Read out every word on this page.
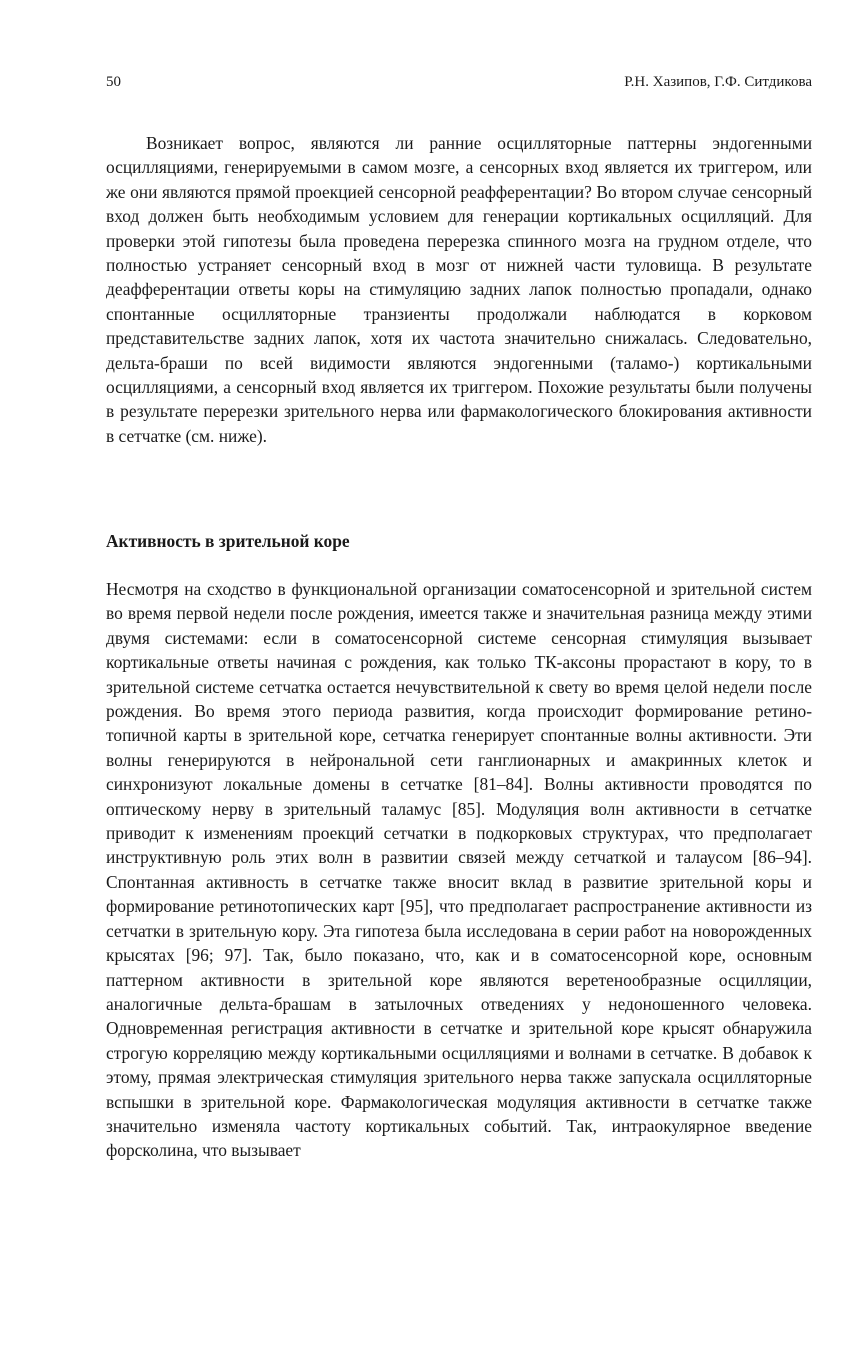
50	Р.Н. Хазипов, Г.Ф. Ситдикова

Возникает вопрос, являются ли ранние осцилляторные паттерны эндогенными осцилляциями, генерируемыми в самом мозге, а сенсорных вход является их триггером, или же они являются прямой проекцией сенсорной реафферентации? Во втором случае сенсорный вход должен быть необходимым условием для генерации кортикальных осцилляций. Для проверки этой гипотезы была проведена перерезка спинного мозга на грудном отделе, что полностью устраняет сенсорный вход в мозг от нижней части туловища. В результате деафферентации ответы коры на стимуляцию задних лапок полностью пропадали, однако спонтанные осцилляторные транзиенты продолжали наблюдатся в корковом представительстве задних лапок, хотя их частота значительно снижалась. Следовательно, дельта-браши по всей видимости являются эндогенными (таламо-) кортикальными осцилляциями, а сенсорный вход является их триггером. Похожие результаты были получены в результате перерезки зрительного нерва или фармакологического блокирования активности в сетчатке (см. ниже).

Активность в зрительной коре

Несмотря на сходство в функциональной организации соматосенсорной и зрительной систем во время первой недели после рождения, имеется также и значительная разница между этими двумя системами: если в соматосенсорной системе сенсорная стимуляция вызывает кортикальные ответы начиная с рождения, как только ТК-аксоны прорастают в кору, то в зрительной системе сетчатка остается нечувствительной к свету во время целой недели после рождения. Во время этого периода развития, когда происходит формирование ретино-топичной карты в зрительной коре, сетчатка генерирует спонтанные волны активности. Эти волны генерируются в нейрональной сети ганглионарных и амакринных клеток и синхронизуют локальные домены в сетчатке [81–84]. Волны активности проводятся по оптическому нерву в зрительный таламус [85]. Модуляция волн активности в сетчатке приводит к изменениям проекций сетчатки в подкорковых структурах, что предполагает инструктивную роль этих волн в развитии связей между сетчаткой и талаусом [86–94]. Спонтанная активность в сетчатке также вносит вклад в развитие зрительной коры и формирование ретинотопических карт [95], что предполагает распространение активности из сетчатки в зрительную кору. Эта гипотеза была исследована в серии работ на новорожденных крысятах [96; 97]. Так, было показано, что, как и в соматосенсорной коре, основным паттерном активности в зрительной коре являются веретенообразные осцилляции, аналогичные дельта-брашам в затылочных отведениях у недоношенного человека. Одновременная регистрация активности в сетчатке и зрительной коре крысят обнаружила строгую корреляцию между кортикальными осцилляциями и волнами в сетчатке. В добавок к этому, прямая электрическая стимуляция зрительного нерва также запускала осцилляторные вспышки в зрительной коре. Фармакологическая модуляция активности в сетчатке также значительно изменяла частоту кортикальных событий. Так, интраокулярное введение форсколина, что вызывает
